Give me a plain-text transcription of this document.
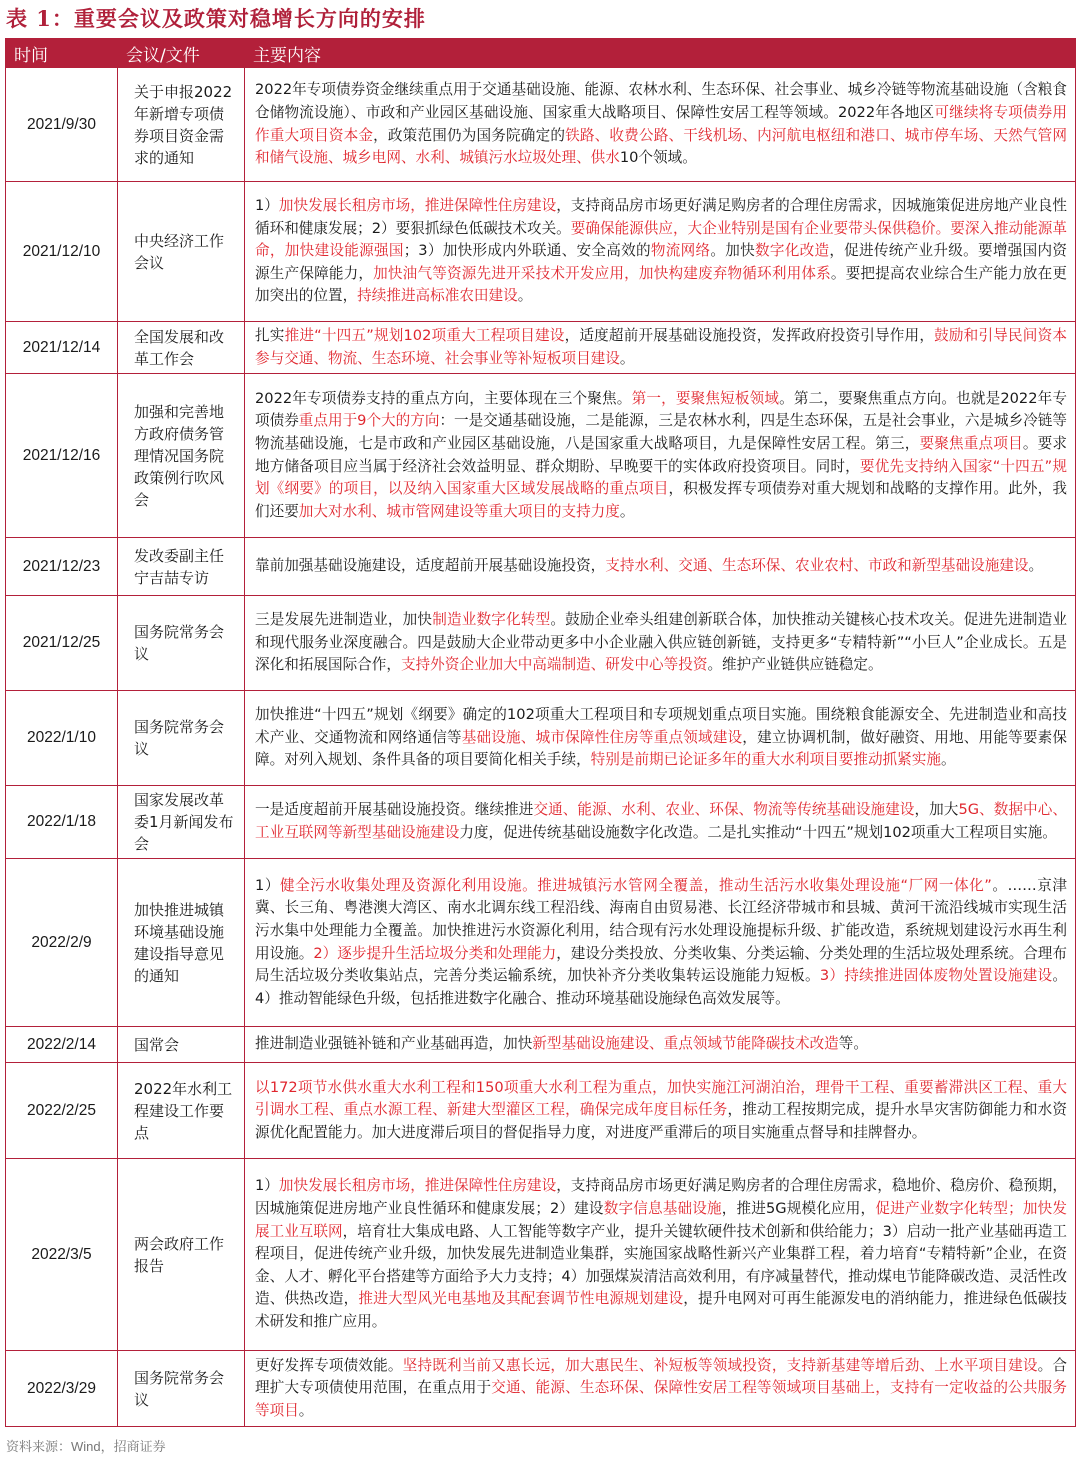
表 1：重要会议及政策对稳增长方向的安排
时间	会议/文件	主要内容
2021/9/30	关于申报2022年新增专项债券项目资金需求的通知	2022年专项债券资金继续重点用于交通基础设施、能源、农林水利、生态环保、社会事业、城乡冷链等物流基础设施（含粮食仓储物流设施）、市政和产业园区基础设施、国家重大战略项目、保障性安居工程等领域。2022年各地区可继续将专项债券用作重大项目资本金，政策范围仍为国务院确定的铁路、收费公路、干线机场、内河航电枢纽和港口、城市停车场、天然气管网和储气设施、城乡电网、水利、城镇污水垃圾处理、供水10个领域。
2021/12/10	中央经济工作会议	1）加快发展长租房市场，推进保障性住房建设，支持商品房市场更好满足购房者的合理住房需求，因城施策促进房地产业良性循环和健康发展；2）要狠抓绿色低碳技术攻关。要确保能源供应，大企业特别是国有企业要带头保供稳价。要深入推动能源革命，加快建设能源强国；3）加快形成内外联通、安全高效的物流网络。加快数字化改造，促进传统产业升级。要增强国内资源生产保障能力，加快油气等资源先进开采技术开发应用，加快构建废弃物循环利用体系。要把提高农业综合生产能力放在更加突出的位置，持续推进高标准农田建设。
2021/12/14	全国发展和改革工作会	扎实推进“十四五”规划102项重大工程项目建设，适度超前开展基础设施投资，发挥政府投资引导作用，鼓励和引导民间资本参与交通、物流、生态环境、社会事业等补短板项目建设。
2021/12/16	加强和完善地方政府债务管理情况国务院政策例行吹风会	2022年专项债券支持的重点方向，主要体现在三个聚焦。第一，要聚焦短板领域。第二，要聚焦重点方向。也就是2022年专项债券重点用于9个大的方向：一是交通基础设施，二是能源，三是农林水利，四是生态环保，五是社会事业，六是城乡冷链等物流基础设施，七是市政和产业园区基础设施，八是国家重大战略项目，九是保障性安居工程。第三，要聚焦重点项目。要求地方储备项目应当属于经济社会效益明显、群众期盼、早晚要干的实体政府投资项目。同时，要优先支持纳入国家“十四五”规划《纲要》的项目，以及纳入国家重大区域发展战略的重点项目，积极发挥专项债券对重大规划和战略的支撑作用。此外，我们还要加大对水利、城市管网建设等重大项目的支持力度。
2021/12/23	发改委副主任宁吉喆专访	靠前加强基础设施建设，适度超前开展基础设施投资，支持水利、交通、生态环保、农业农村、市政和新型基础设施建设。
2021/12/25	国务院常务会议	三是发展先进制造业，加快制造业数字化转型。鼓励企业牵头组建创新联合体，加快推动关键核心技术攻关。促进先进制造业和现代服务业深度融合。四是鼓励大企业带动更多中小企业融入供应链创新链，支持更多“专精特新”“小巨人”企业成长。五是深化和拓展国际合作，支持外资企业加大中高端制造、研发中心等投资。维护产业链供应链稳定。
2022/1/10	国务院常务会议	加快推进“十四五”规划《纲要》确定的102项重大工程项目和专项规划重点项目实施。围绕粮食能源安全、先进制造业和高技术产业、交通物流和网络通信等基础设施、城市保障性住房等重点领域建设，建立协调机制，做好融资、用地、用能等要素保障。对列入规划、条件具备的项目要简化相关手续，特别是前期已论证多年的重大水利项目要推动抓紧实施。
2022/1/18	国家发展改革委1月新闻发布会	一是适度超前开展基础设施投资。继续推进交通、能源、水利、农业、环保、物流等传统基础设施建设，加大5G、数据中心、工业互联网等新型基础设施建设力度，促进传统基础设施数字化改造。二是扎实推动“十四五”规划102项重大工程项目实施。
2022/2/9	加快推进城镇环境基础设施建设指导意见的通知	1）健全污水收集处理及资源化利用设施。推进城镇污水管网全覆盖，推动生活污水收集处理设施“厂网一体化”。……京津冀、长三角、粤港澳大湾区、南水北调东线工程沿线、海南自由贸易港、长江经济带城市和县城、黄河干流沿线城市实现生活污水集中处理能力全覆盖。加快推进污水资源化利用，结合现有污水处理设施提标升级、扩能改造，系统规划建设污水再生利用设施。2）逐步提升生活垃圾分类和处理能力，建设分类投放、分类收集、分类运输、分类处理的生活垃圾处理系统。合理布局生活垃圾分类收集站点，完善分类运输系统，加快补齐分类收集转运设施能力短板。3）持续推进固体废物处置设施建设。4）推动智能绿色升级，包括推进数字化融合、推动环境基础设施绿色高效发展等。
2022/2/14	国常会	推进制造业强链补链和产业基础再造，加快新型基础设施建设、重点领域节能降碳技术改造等。
2022/2/25	2022年水利工程建设工作要点	以172项节水供水重大水利工程和150项重大水利工程为重点，加快实施江河湖泊治，理骨干工程、重要蓄滞洪区工程、重大引调水工程、重点水源工程、新建大型灌区工程，确保完成年度目标任务，推动工程按期完成，提升水旱灾害防御能力和水资源优化配置能力。加大进度滞后项目的督促指导力度，对进度严重滞后的项目实施重点督导和挂牌督办。
2022/3/5	两会政府工作报告	1）加快发展长租房市场，推进保障性住房建设，支持商品房市场更好满足购房者的合理住房需求，稳地价、稳房价、稳预期，因城施策促进房地产业良性循环和健康发展；2）建设数字信息基础设施，推进5G规模化应用，促进产业数字化转型；加快发展工业互联网，培育壮大集成电路、人工智能等数字产业，提升关键软硬件技术创新和供给能力；3）启动一批产业基础再造工程项目，促进传统产业升级，加快发展先进制造业集群，实施国家战略性新兴产业集群工程，着力培育“专精特新”企业，在资金、人才、孵化平台搭建等方面给予大力支持；4）加强煤炭清洁高效利用，有序减量替代，推动煤电节能降碳改造、灵活性改造、供热改造，推进大型风光电基地及其配套调节性电源规划建设，提升电网对可再生能源发电的消纳能力，推进绿色低碳技术研发和推广应用。
2022/3/29	国务院常务会议	更好发挥专项债效能。坚持既利当前又惠长远，加大惠民生、补短板等领域投资，支持新基建等增后劲、上水平项目建设。合理扩大专项债使用范围，在重点用于交通、能源、生态环保、保障性安居工程等领域项目基础上，支持有一定收益的公共服务等项目。
资料来源：Wind，招商证券
